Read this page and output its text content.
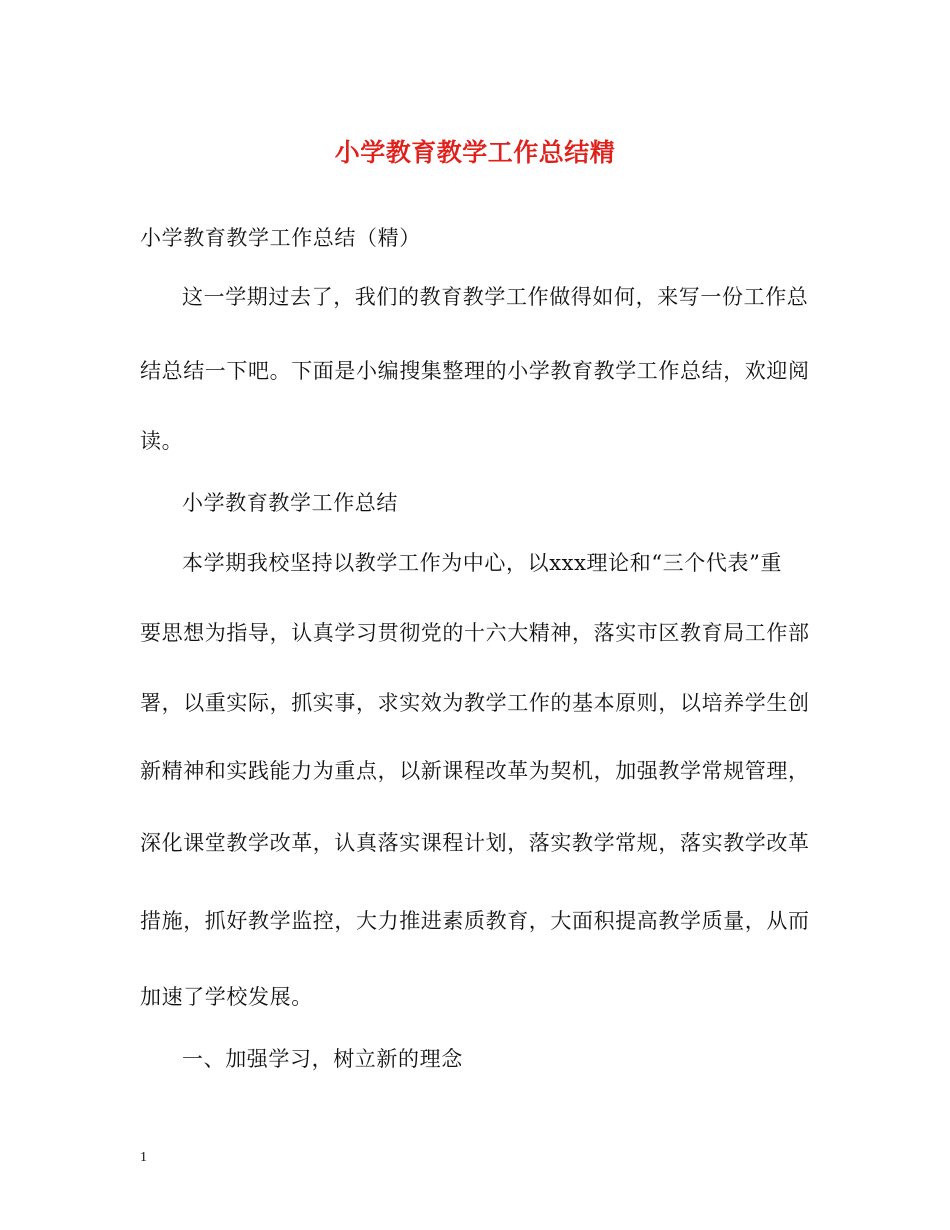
小学教育教学工作总结精
小学教育教学工作总结（精）
这一学期过去了，我们的教育教学工作做得如何，来写一份工作总
结总结一下吧。下面是小编搜集整理的小学教育教学工作总结，欢迎阅
读。
小学教育教学工作总结
本学期我校坚持以教学工作为中心，以xxx理论和“三个代表”重
要思想为指导，认真学习贯彻党的十六大精神，落实市区教育局工作部
署，以重实际，抓实事，求实效为教学工作的基本原则，以培养学生创
新精神和实践能力为重点，以新课程改革为契机，加强教学常规管理，
深化课堂教学改革，认真落实课程计划，落实教学常规，落实教学改革
措施，抓好教学监控，大力推进素质教育，大面积提高教学质量，从而
加速了学校发展。
一、加强学习，树立新的理念
1
